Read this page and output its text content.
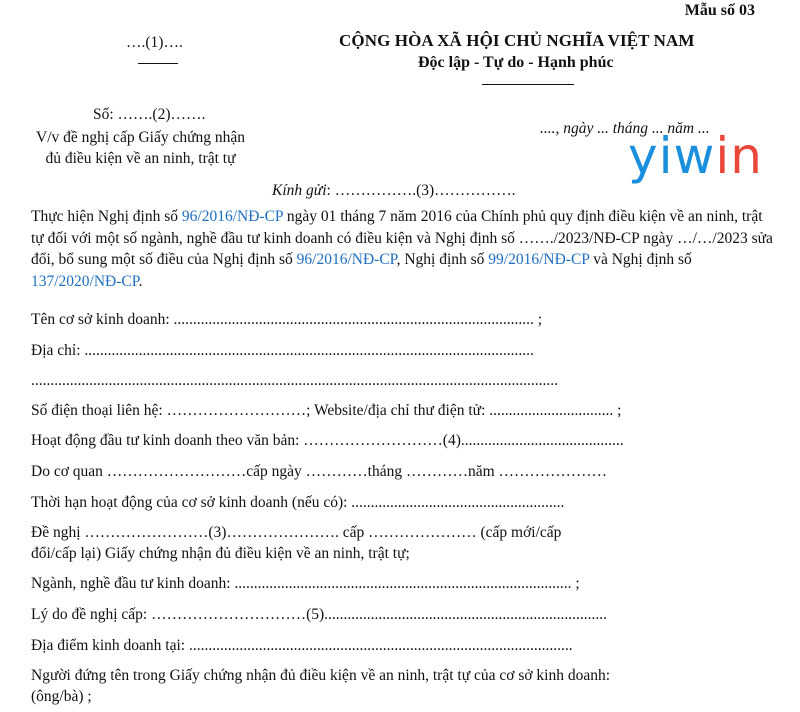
Mẫu số 03
….(1)….	CỘNG HÒA XÃ HỘI CHỦ NGHĨA VIỆT NAM
Độc lập - Tự do - Hạnh phúc
Số: …….(2)…….
V/v đề nghị cấp Giấy chứng nhận
đủ điều kiện về an ninh, trật tự
...., ngày ... tháng ... năm ...
yiwin
Kính gửi: …………….(3)…………….
Thực hiện Nghị định số 96/2016/NĐ-CP ngày 01 tháng 7 năm 2016 của Chính phủ quy định điều kiện về an ninh, trật tự đối với một số ngành, nghề đầu tư kinh doanh có điều kiện và Nghị định số ……./2023/NĐ-CP ngày …/…/2023 sửa đổi, bổ sung một số điều của Nghị định số 96/2016/NĐ-CP, Nghị định số 99/2016/NĐ-CP và Nghị định số 137/2020/NĐ-CP.
Tên cơ sở kinh doanh: ............................................................................................. ;
Địa chỉ: ....................................................................................................................
........................................................................................................................................
Số điện thoại liên hệ: ………………………; Website/địa chỉ thư điện tử: ................................ ;
Hoạt động đầu tư kinh doanh theo văn bản: ………………………(4)..........................................
Do cơ quan ………………………cấp ngày …………tháng …………năm …………………
Thời hạn hoạt động của cơ sở kinh doanh (nếu có): .......................................................
Đề nghị ……………………(3)…………………. cấp ………………… (cấp mới/cấp
đổi/cấp lại) Giấy chứng nhận đủ điều kiện về an ninh, trật tự;
Ngành, nghề đầu tư kinh doanh: ....................................................................................... ;
Lý do đề nghị cấp: …………………………(5).........................................................................
Địa điểm kinh doanh tại: ...................................................................................................
Người đứng tên trong Giấy chứng nhận đủ điều kiện về an ninh, trật tự của cơ sở kinh doanh:
(ông/bà) ;
